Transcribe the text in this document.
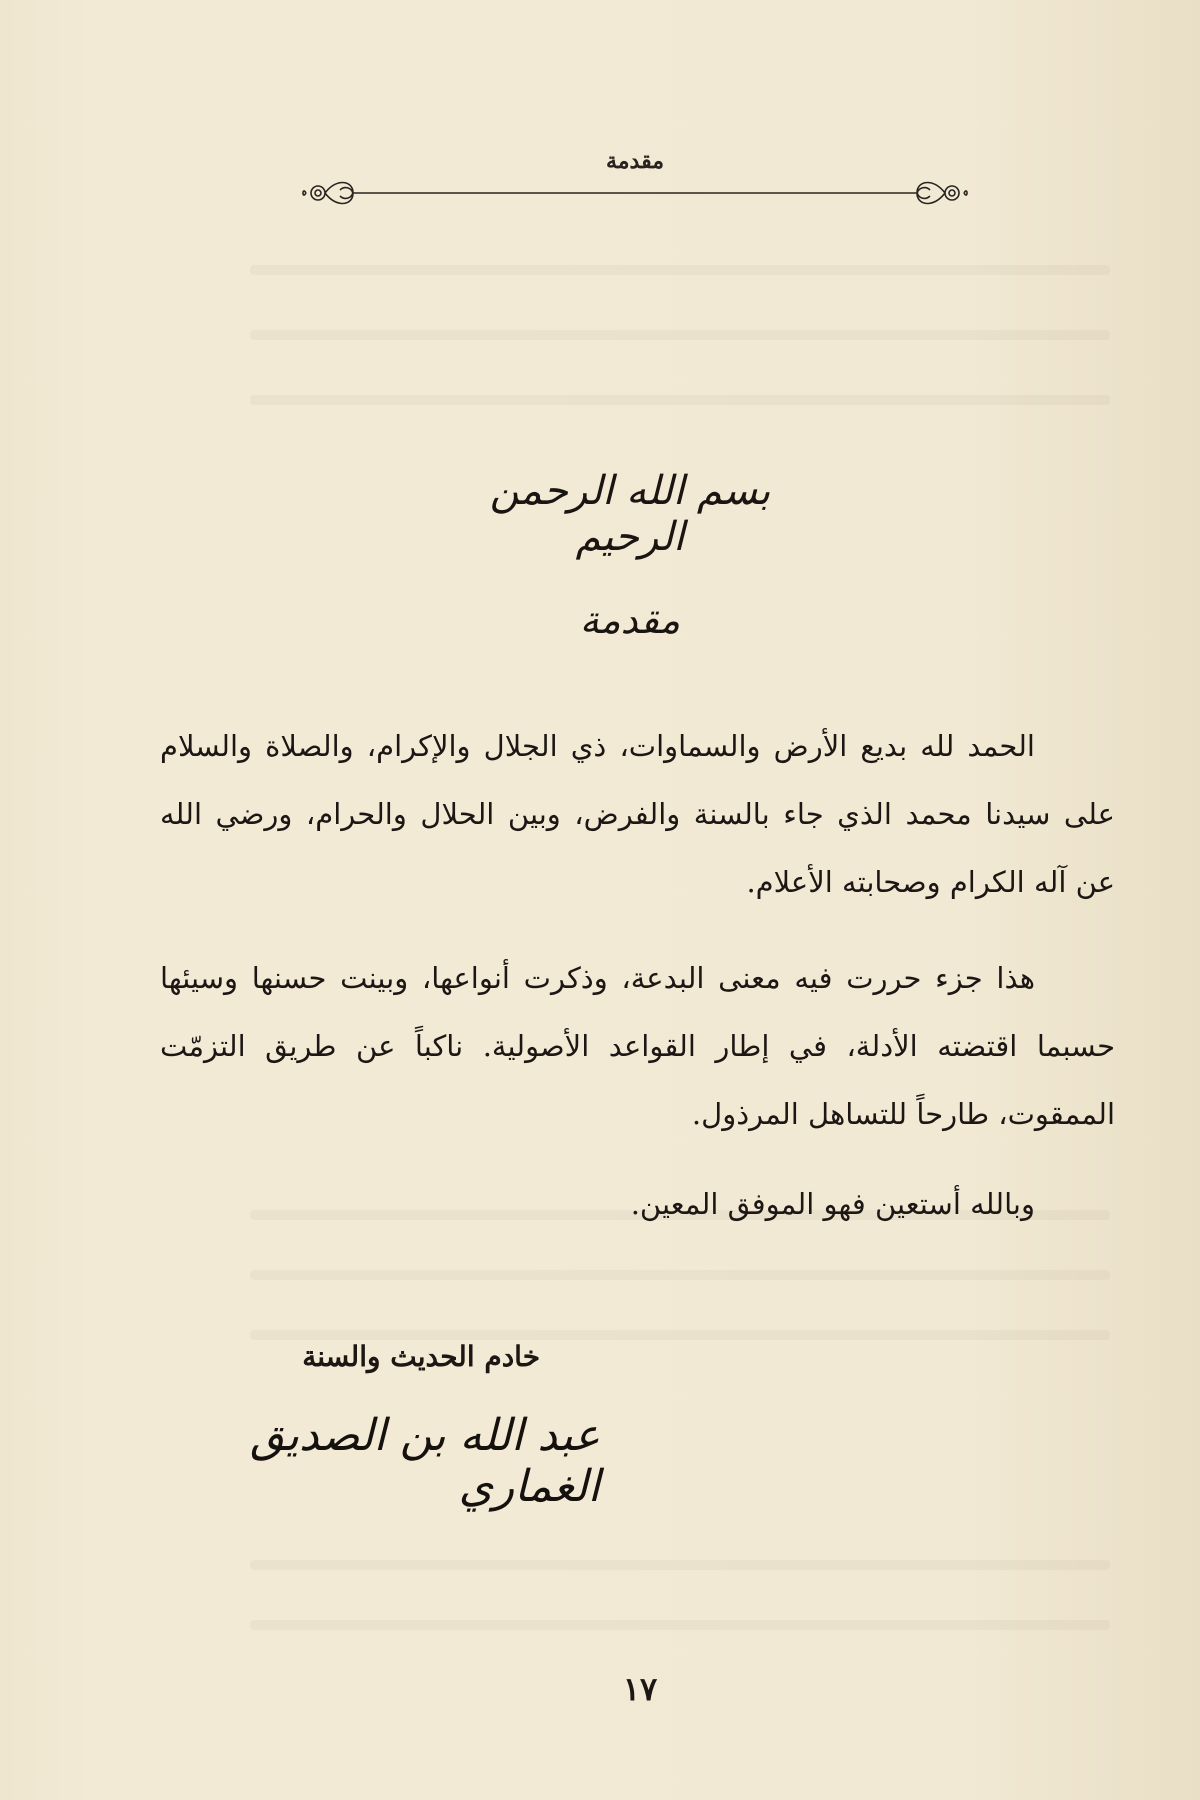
مقدمة
بسم الله الرحمن الرحيم
مقدمة

الحمد لله بديع الأرض والسماوات، ذي الجلال والإكرام، والصلاة والسلام على سيدنا محمد الذي جاء بالسنة والفرض، وبين الحلال والحرام، ورضي الله عن آله الكرام وصحابته الأعلام.

هذا جزء حررت فيه معنى البدعة، وذكرت أنواعها، وبينت حسنها وسيئها حسبما اقتضته الأدلة، في إطار القواعد الأصولية. ناكباً عن طريق التزمّت الممقوت، طارحاً للتساهل المرذول.

وبالله أستعين فهو الموفق المعين.

خادم الحديث والسنة
عبد الله بن الصديق الغماري
١٧
